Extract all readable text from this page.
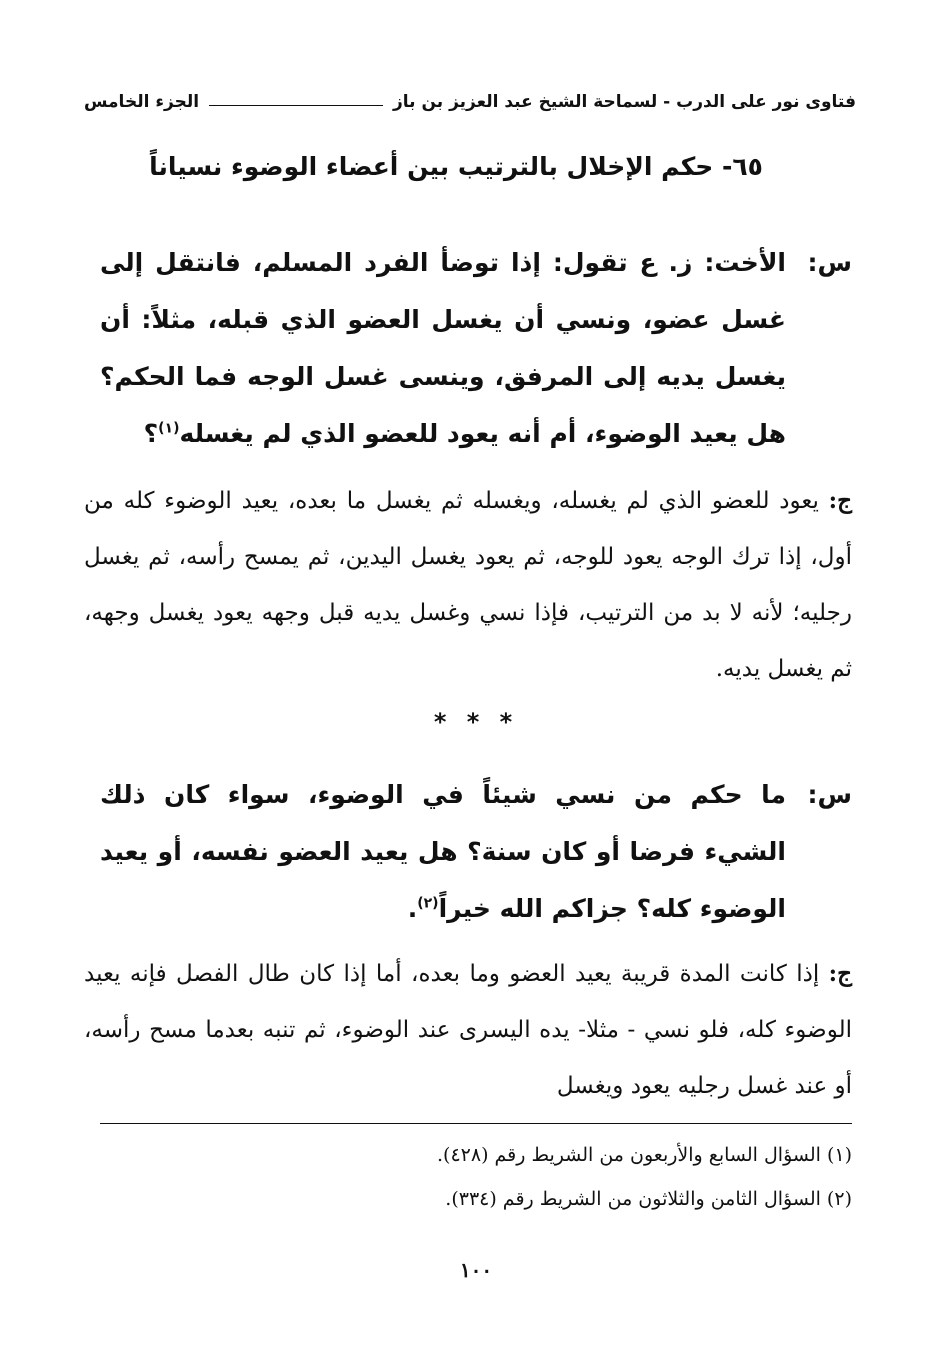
فتاوى نور على الدرب - لسماحة الشيخ عبد العزيز بن باز
الجزء الخامس
٦٥- حكم الإخلال بالترتيب بين أعضاء الوضوء نسياناً
س:
الأخت: ز. ع تقول: إذا توضأ الفرد المسلم، فانتقل إلى غسل عضو، ونسي أن يغسل العضو الذي قبله، مثلاً: أن يغسل يديه إلى المرفق، وينسى غسل الوجه فما الحكم؟ هل يعيد الوضوء، أم أنه يعود للعضو الذي لم يغسله$^{(١)}$؟
ج: يعود للعضو الذي لم يغسله، ويغسله ثم يغسل ما بعده، يعيد الوضوء كله من أول، إذا ترك الوجه يعود للوجه، ثم يعود يغسل اليدين، ثم يمسح رأسه، ثم يغسل رجليه؛ لأنه لا بد من الترتيب، فإذا نسي وغسل يديه قبل وجهه يعود يغسل وجهه، ثم يغسل يديه.
* * *
س:
ما حكم من نسي شيئاً في الوضوء، سواء كان ذلك الشيء فرضا أو كان سنة؟ هل يعيد العضو نفسه، أو يعيد الوضوء كله؟ جزاكم الله خيراً$^{(٢)}$.
ج: إذا كانت المدة قريبة يعيد العضو وما بعده، أما إذا كان طال الفصل فإنه يعيد الوضوء كله، فلو نسي - مثلا- يده اليسرى عند الوضوء، ثم تنبه بعدما مسح رأسه، أو عند غسل رجليه يعود ويغسل
(١) السؤال السابع والأربعون من الشريط رقم (٤٢٨).
(٢) السؤال الثامن والثلاثون من الشريط رقم (٣٣٤).
١٠٠
